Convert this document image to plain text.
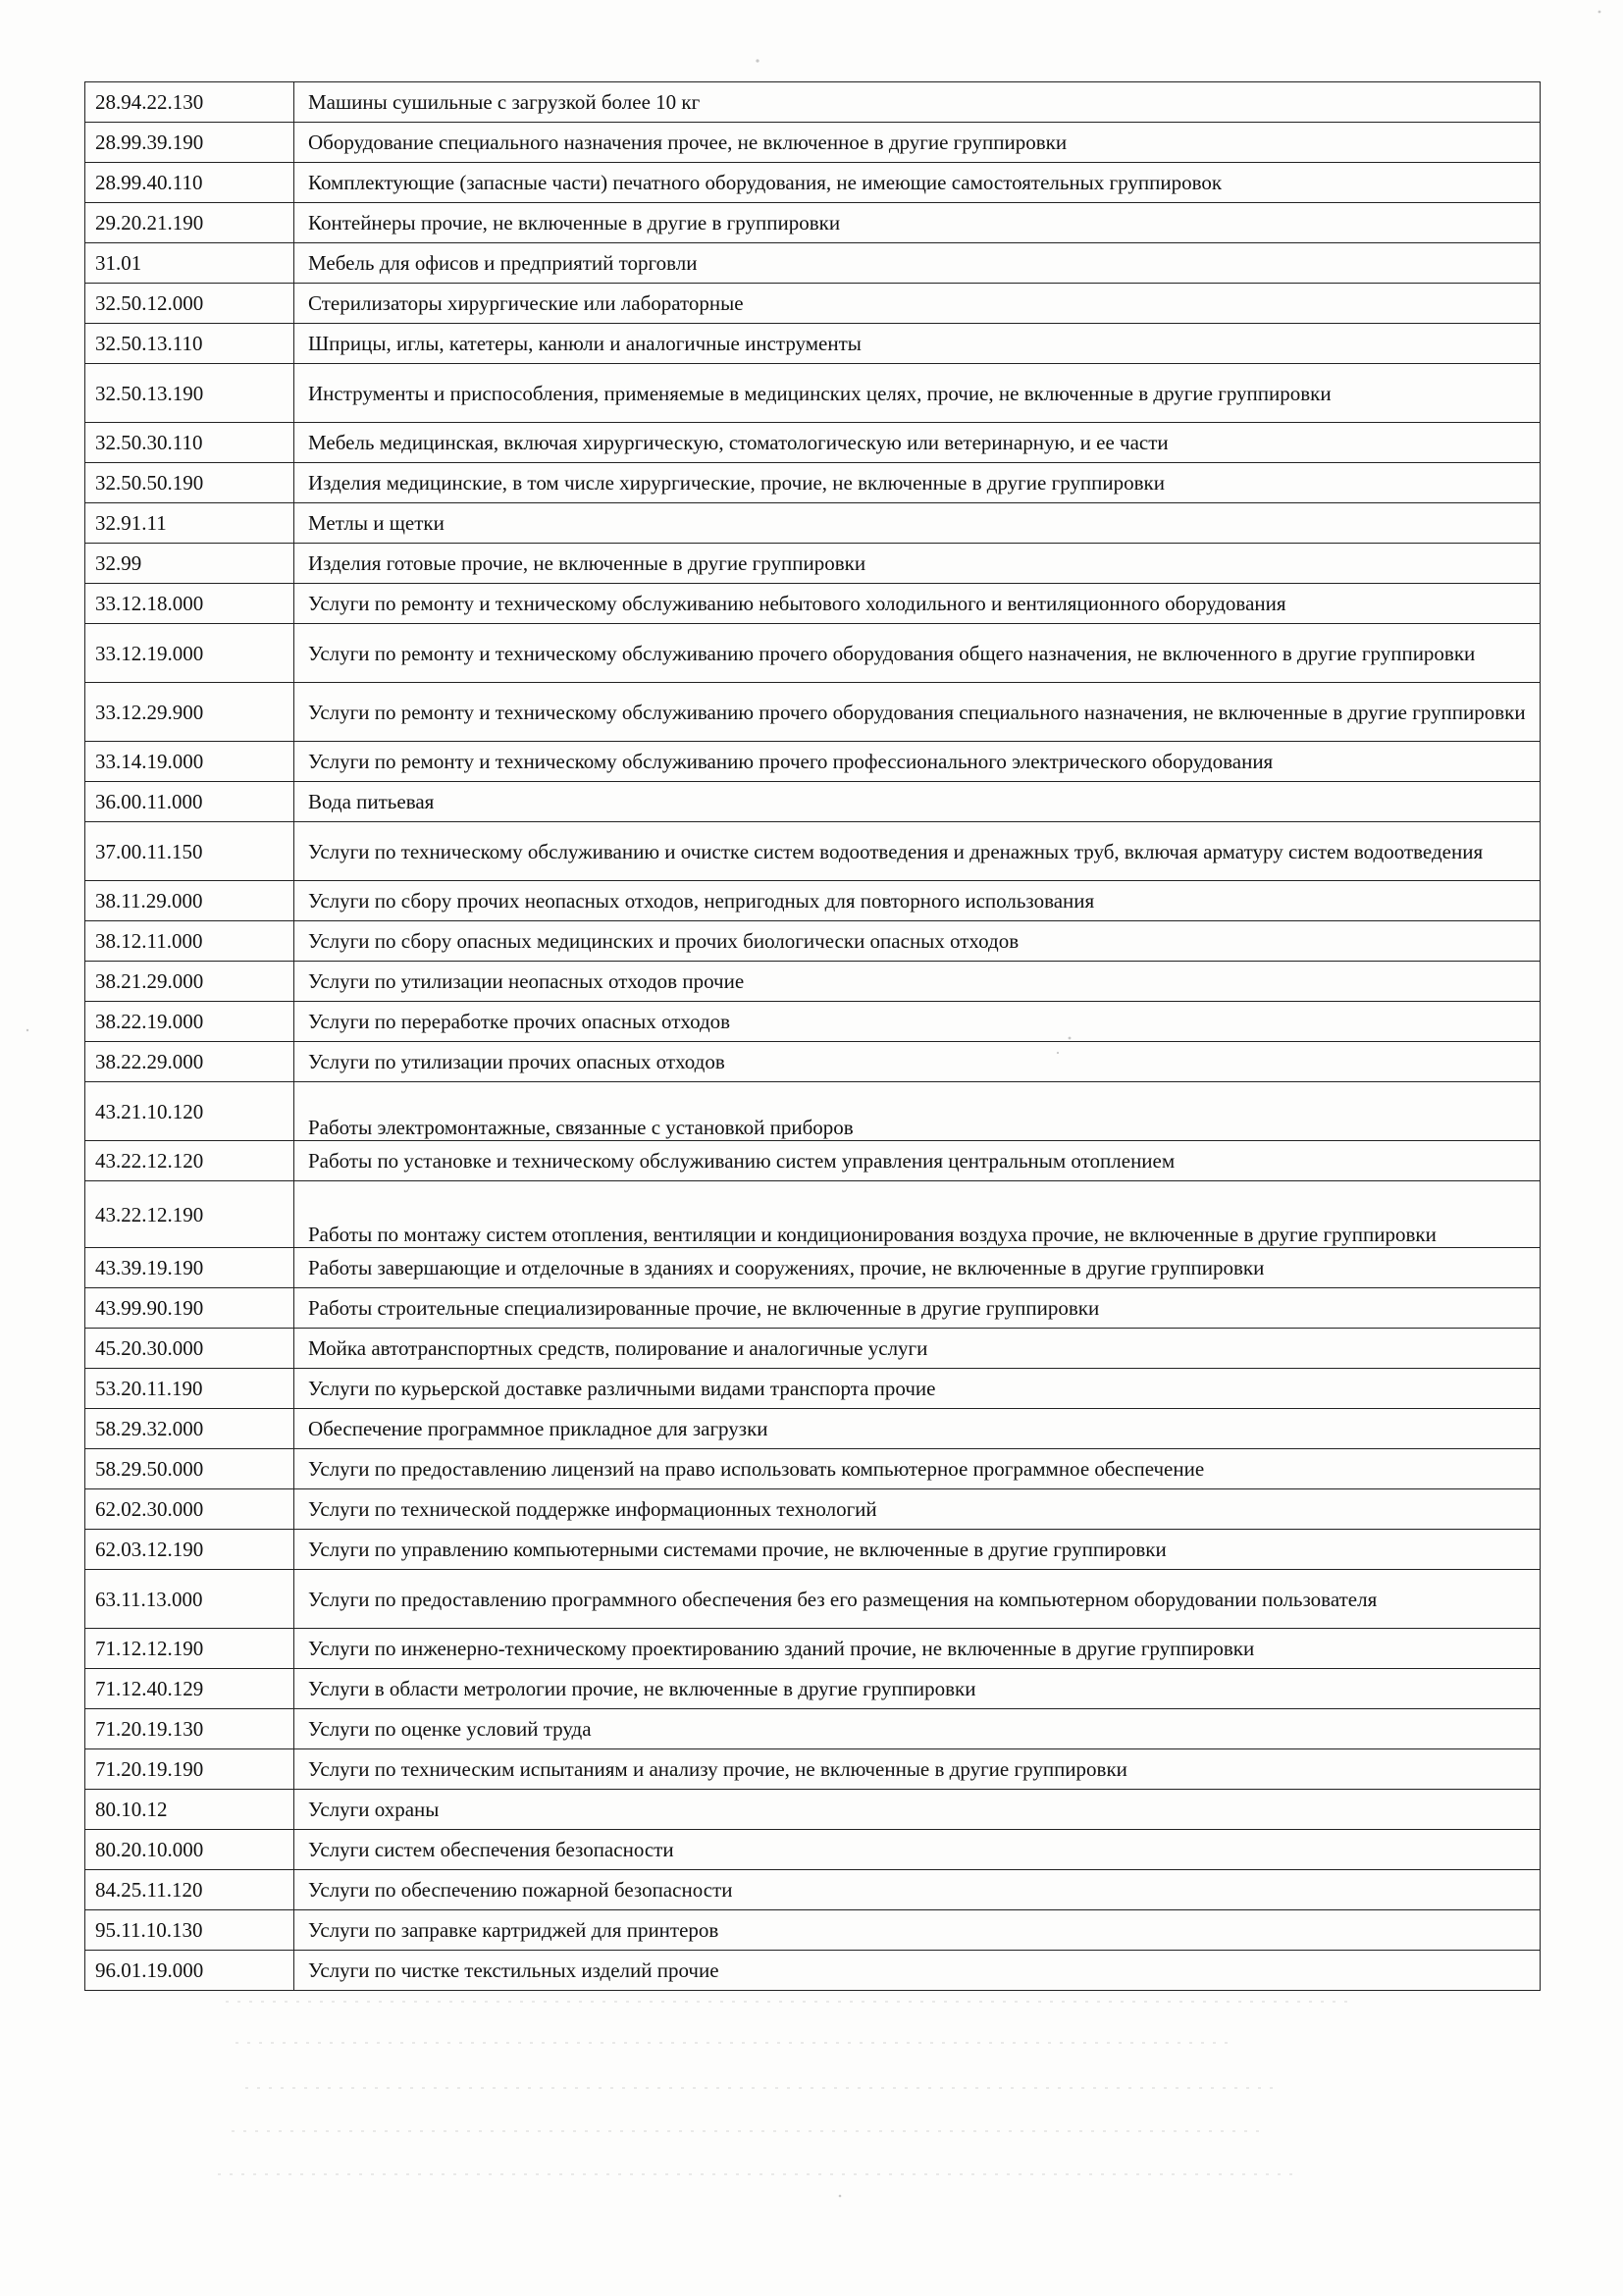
28.94.22.130	Машины сушильные с загрузкой более 10 кг
28.99.39.190	Оборудование специального назначения прочее, не включенное в другие группировки
28.99.40.110	Комплектующие (запасные части) печатного оборудования, не имеющие самостоятельных группировок
29.20.21.190	Контейнеры прочие, не включенные в другие в группировки
31.01	Мебель для офисов и предприятий торговли
32.50.12.000	Стерилизаторы хирургические или лабораторные
32.50.13.110	Шприцы, иглы, катетеры, канюли и аналогичные инструменты
32.50.13.190	Инструменты и приспособления, применяемые в медицинских целях, прочие, не включенные в другие группировки
32.50.30.110	Мебель медицинская, включая хирургическую, стоматологическую или ветеринарную, и ее части
32.50.50.190	Изделия медицинские, в том числе хирургические, прочие, не включенные в другие группировки
32.91.11	Метлы и щетки
32.99	Изделия готовые прочие, не включенные в другие группировки
33.12.18.000	Услуги по ремонту и техническому обслуживанию небытового холодильного и вентиляционного оборудования
33.12.19.000	Услуги по ремонту и техническому обслуживанию прочего оборудования общего назначения, не включенного в другие группировки
33.12.29.900	Услуги по ремонту и техническому обслуживанию прочего оборудования специального назначения, не включенные в другие группировки
33.14.19.000	Услуги по ремонту и техническому обслуживанию прочего профессионального электрического оборудования
36.00.11.000	Вода питьевая
37.00.11.150	Услуги по техническому обслуживанию и очистке систем водоотведения и дренажных труб, включая арматуру систем водоотведения
38.11.29.000	Услуги по сбору прочих неопасных отходов, непригодных для повторного использования
38.12.11.000	Услуги по сбору опасных медицинских и прочих биологически опасных отходов
38.21.29.000	Услуги по утилизации неопасных отходов прочие
38.22.19.000	Услуги по переработке прочих опасных отходов
38.22.29.000	Услуги по утилизации прочих опасных отходов
43.21.10.120	Работы электромонтажные, связанные с установкой приборов
43.22.12.120	Работы по установке и техническому обслуживанию систем управления центральным отоплением
43.22.12.190	Работы по монтажу систем отопления, вентиляции и кондиционирования воздуха прочие, не включенные в другие группировки
43.39.19.190	Работы завершающие и отделочные в зданиях и сооружениях, прочие, не включенные в другие группировки
43.99.90.190	Работы строительные специализированные прочие, не включенные в другие группировки
45.20.30.000	Мойка автотранспортных средств, полирование и аналогичные услуги
53.20.11.190	Услуги по курьерской доставке различными видами транспорта прочие
58.29.32.000	Обеспечение программное прикладное для загрузки
58.29.50.000	Услуги по предоставлению лицензий на право использовать компьютерное программное обеспечение
62.02.30.000	Услуги по технической поддержке информационных технологий
62.03.12.190	Услуги по управлению компьютерными системами прочие, не включенные в другие группировки
63.11.13.000	Услуги по предоставлению программного обеспечения без его размещения на компьютерном оборудовании пользователя
71.12.12.190	Услуги по инженерно-техническому проектированию зданий прочие, не включенные в другие группировки
71.12.40.129	Услуги в области метрологии прочие, не включенные в другие группировки
71.20.19.130	Услуги по оценке условий труда
71.20.19.190	Услуги по техническим испытаниям и анализу прочие, не включенные в другие группировки
80.10.12	Услуги охраны
80.20.10.000	Услуги систем обеспечения безопасности
84.25.11.120	Услуги по обеспечению пожарной безопасности
95.11.10.130	Услуги по заправке картриджей для принтеров
96.01.19.000	Услуги по чистке текстильных изделий прочие
